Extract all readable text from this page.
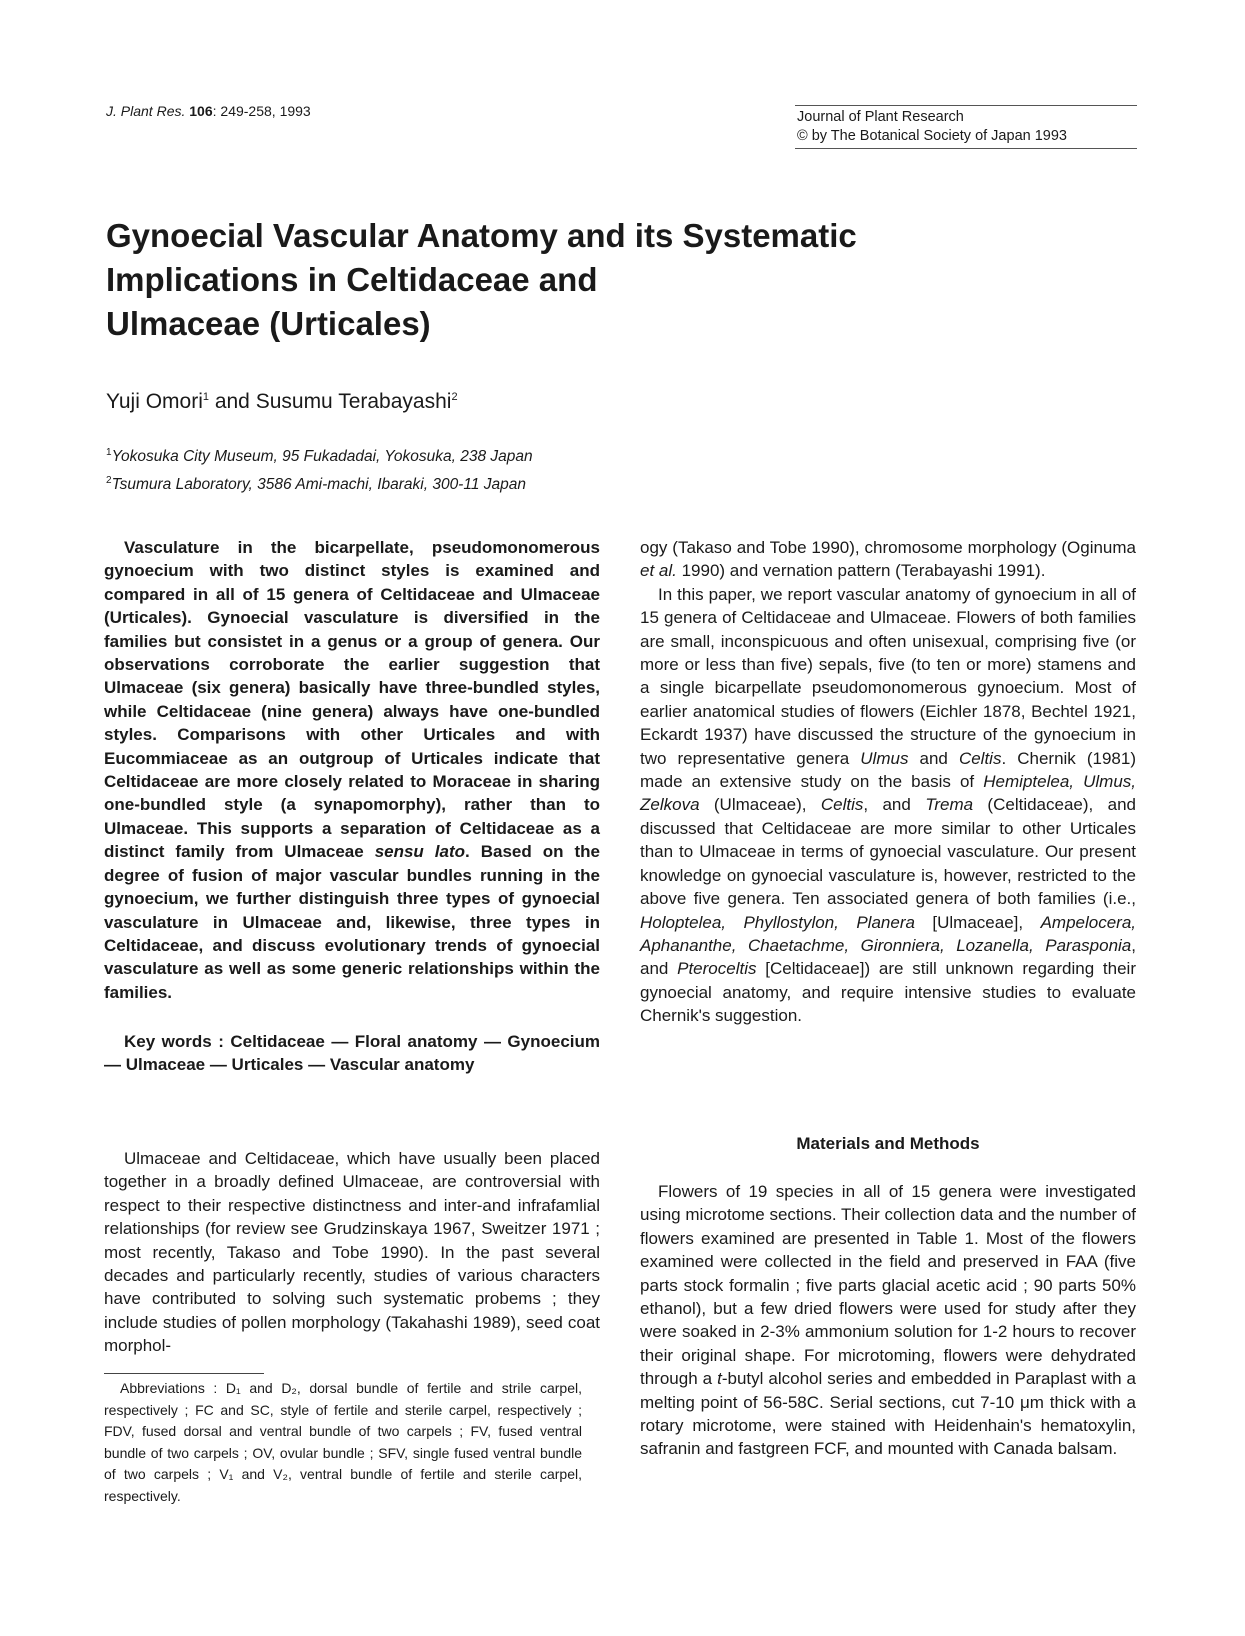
J. Plant Res. 106: 249-258, 1993	Journal of Plant Research
© by The Botanical Society of Japan 1993
Gynoecial Vascular Anatomy and its Systematic
Implications in Celtidaceae and
Ulmaceae (Urticales)
Yuji Omori$^1$ and Susumu Terabayashi$^2$
$^1$Yokosuka City Museum, 95 Fukadadai, Yokosuka, 238 Japan
$^2$Tsumura Laboratory, 3586 Ami-machi, Ibaraki, 300-11 Japan
Vasculature in the bicarpellate, pseudomonomerous gynoecium with two distinct styles is examined and compared in all of 15 genera of Celtidaceae and Ulmaceae (Urticales). Gynoecial vasculature is diversified in the families but consistet in a genus or a group of genera. Our observations corroborate the earlier suggestion that Ulmaceae (six genera) basically have three-bundled styles, while Celtidaceae (nine genera) always have one-bundled styles. Comparisons with other Urticales and with Eucommiaceae as an outgroup of Urticales indicate that Celtidaceae are more closely related to Moraceae in sharing one-bundled style (a synapomorphy), rather than to Ulmaceae. This supports a separation of Celtidaceae as a distinct family from Ulmaceae sensu lato. Based on the degree of fusion of major vascular bundles running in the gynoecium, we further distinguish three types of gynoecial vasculature in Ulmaceae and, likewise, three types in Celtidaceae, and discuss evolutionary trends of gynoecial vasculature as well as some generic relationships within the families.
Key words : Celtidaceae — Floral anatomy — Gynoecium — Ulmaceae — Urticales — Vascular anatomy
Ulmaceae and Celtidaceae, which have usually been placed together in a broadly defined Ulmaceae, are controversial with respect to their respective distinctness and inter-and infrafamlial relationships (for review see Grudzinskaya 1967, Sweitzer 1971 ; most recently, Takaso and Tobe 1990). In the past several decades and particularly recently, studies of various characters have contributed to solving such systematic probems ; they include studies of pollen morphology (Takahashi 1989), seed coat morphol-

ogy (Takaso and Tobe 1990), chromosome morphology (Oginuma et al. 1990) and vernation pattern (Terabayashi 1991).

In this paper, we report vascular anatomy of gynoecium in all of 15 genera of Celtidaceae and Ulmaceae. Flowers of both families are small, inconspicuous and often unisexual, comprising five (or more or less than five) sepals, five (to ten or more) stamens and a single bicarpellate pseudomonomerous gynoecium. Most of earlier anatomical studies of flowers (Eichler 1878, Bechtel 1921, Eckardt 1937) have discussed the structure of the gynoecium in two representative genera Ulmus and Celtis. Chernik (1981) made an extensive study on the basis of Hemiptelea, Ulmus, Zelkova (Ulmaceae), Celtis, and Trema (Celtidaceae), and discussed that Celtidaceae are more similar to other Urticales than to Ulmaceae in terms of gynoecial vasculature. Our present knowledge on gynoecial vasculature is, however, restricted to the above five genera. Ten associated genera of both families (i.e., Holoptelea, Phyllostylon, Planera [Ulmaceae], Ampelocera, Aphananthe, Chaetachme, Gironniera, Lozanella, Parasponia, and Pteroceltis [Celtidaceae]) are still unknown regarding their gynoecial anatomy, and require intensive studies to evaluate Chernik's suggestion.

Materials and Methods
Flowers of 19 species in all of 15 genera were investigated using microtome sections. Their collection data and the number of flowers examined are presented in Table 1. Most of the flowers examined were collected in the field and preserved in FAA (five parts stock formalin ; five parts glacial acetic acid ; 90 parts 50% ethanol), but a few dried flowers were used for study after they were soaked in 2-3% ammonium solution for 1-2 hours to recover their original shape. For microtoming, flowers were dehydrated through a t-butyl alcohol series and embedded in Paraplast with a melting point of 56-58C. Serial sections, cut 7-10 μm thick with a rotary microtome, were stained with Heidenhain's hematoxylin, safranin and fastgreen FCF, and mounted with Canada balsam.
Abbreviations : D₁ and D₂, dorsal bundle of fertile and strile carpel, respectively ; FC and SC, style of fertile and sterile carpel, respectively ; FDV, fused dorsal and ventral bundle of two carpels ; FV, fused ventral bundle of two carpels ; OV, ovular bundle ; SFV, single fused ventral bundle of two carpels ; V₁ and V₂, ventral bundle of fertile and sterile carpel, respectively.
